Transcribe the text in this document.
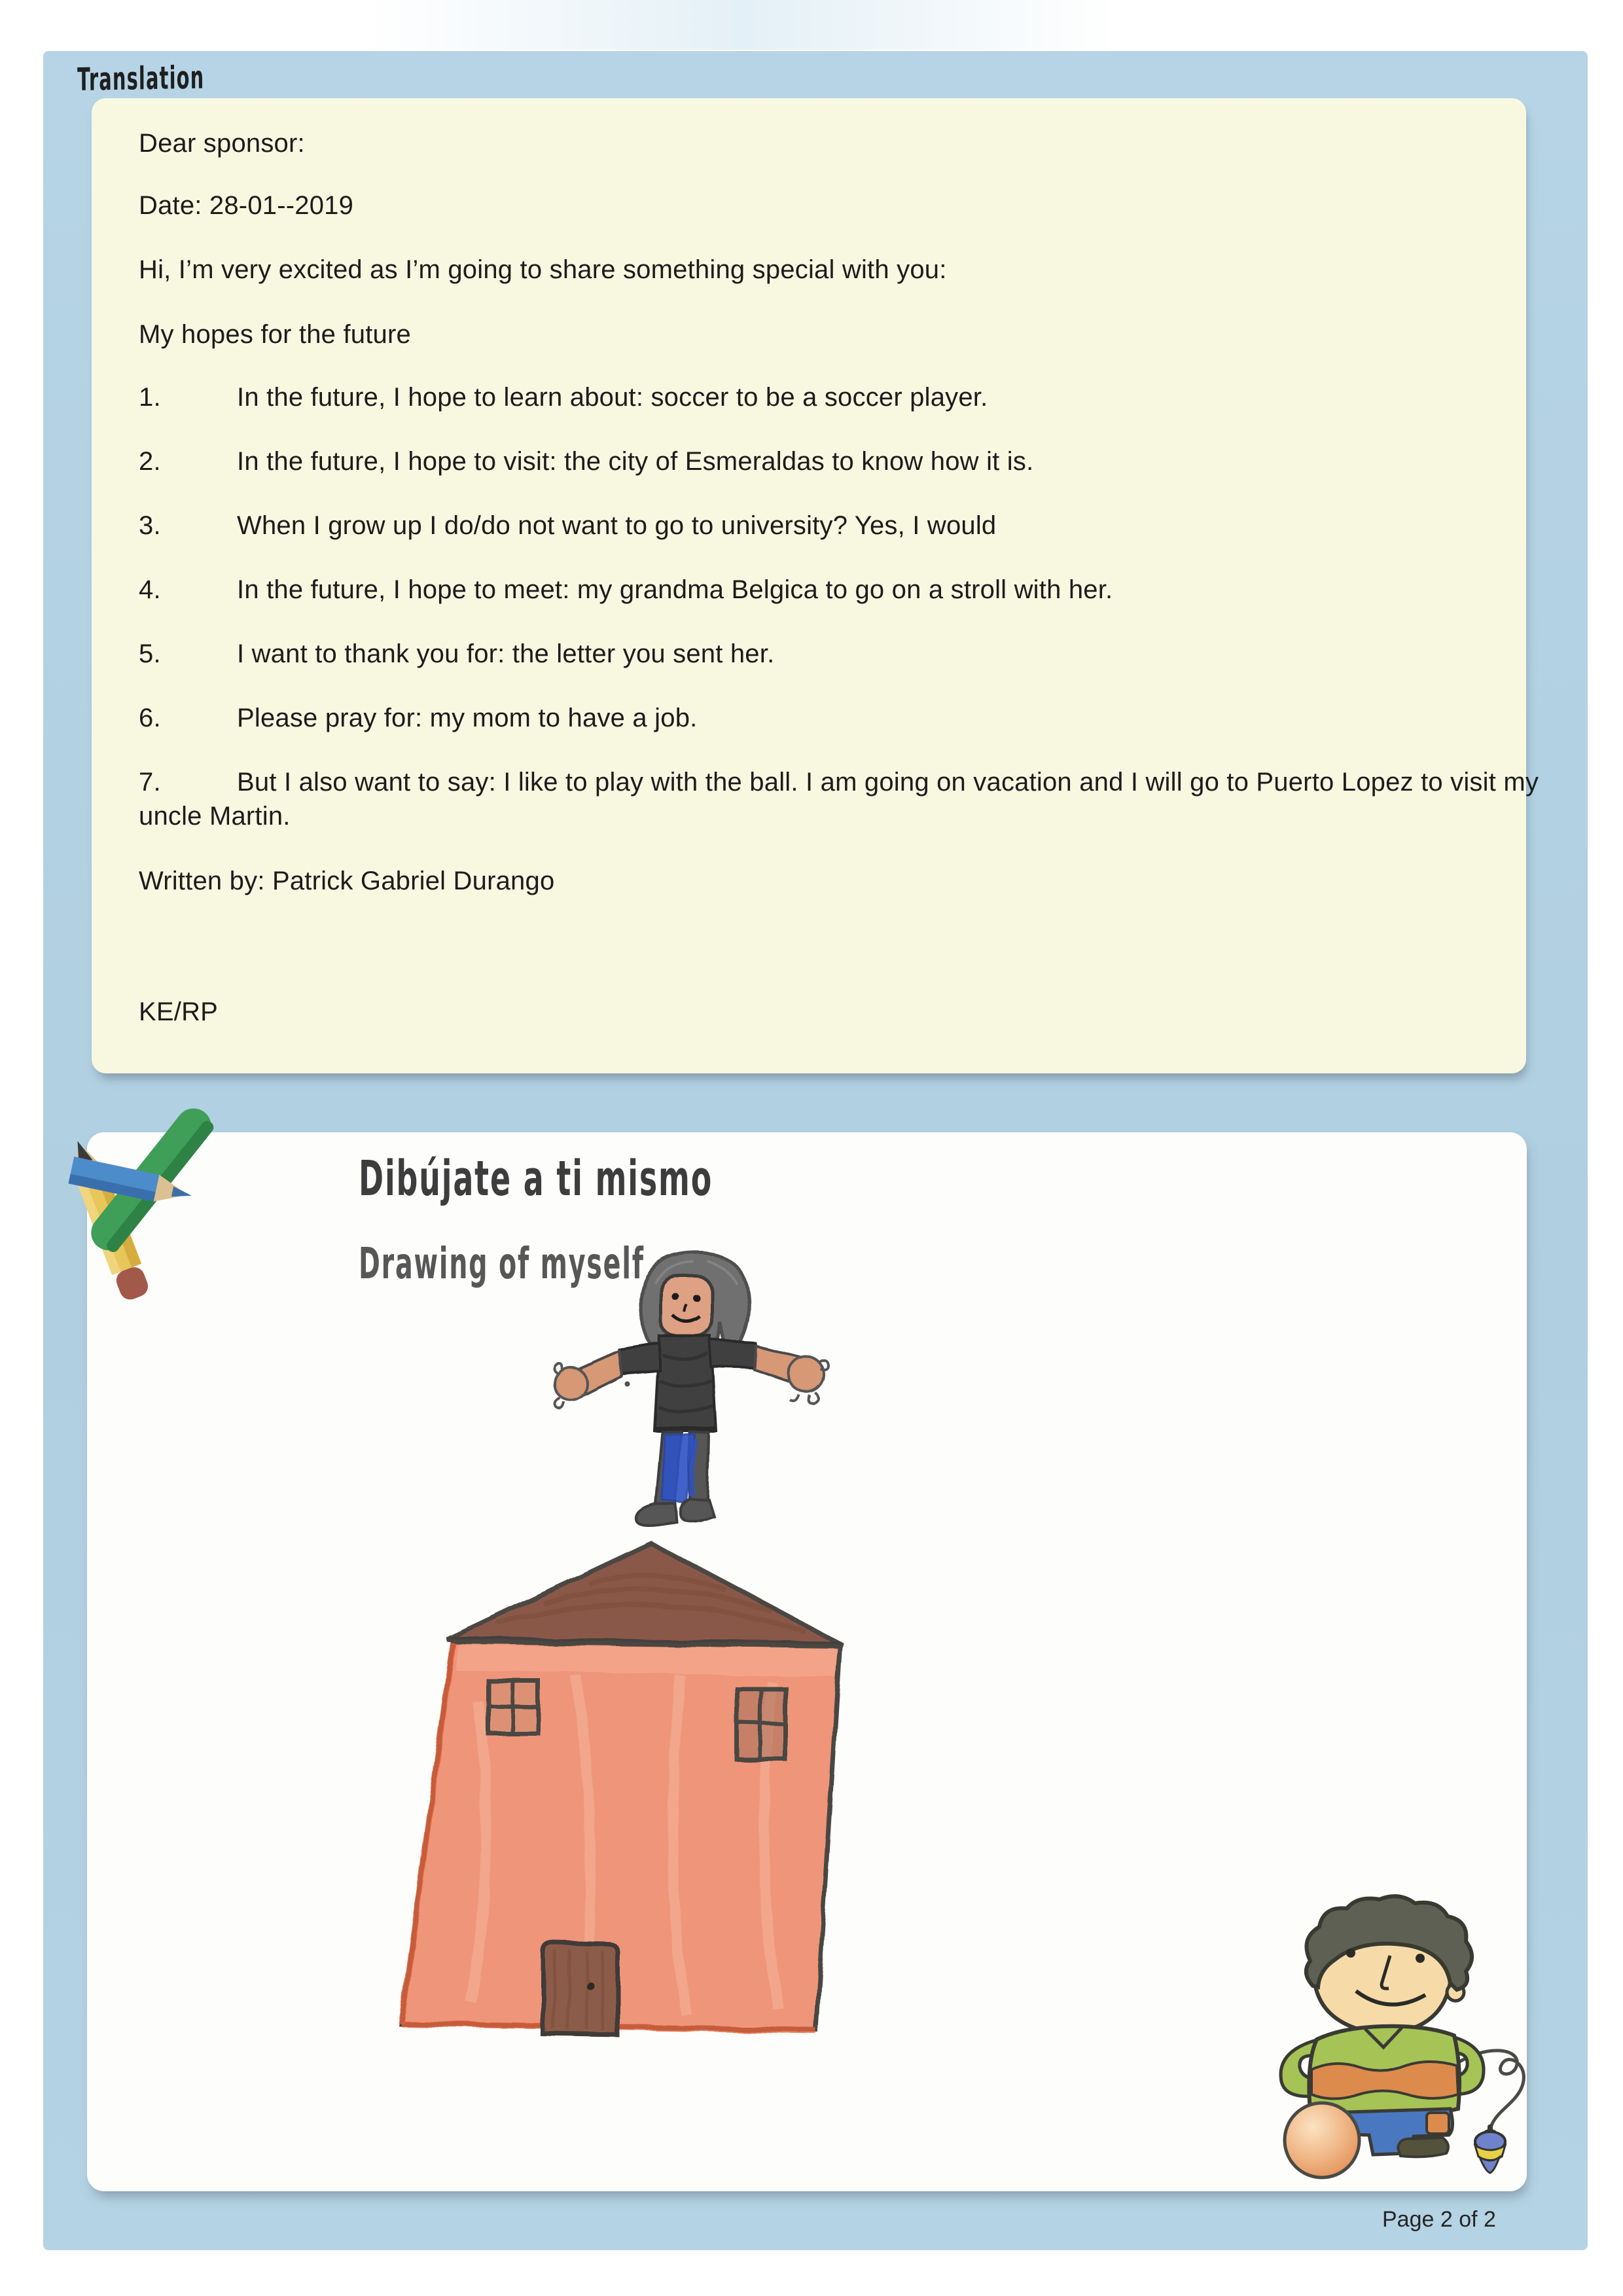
Translation
Dear sponsor:
Date: 28-01--2019
Hi, I’m very excited as I’m going to share something special with you:
My hopes for the future
1.	In the future, I hope to learn about: soccer to be a soccer player.
2.	In the future, I hope to visit: the city of Esmeraldas to know how it is.
3.	When I grow up I do/do not want to go to university? Yes, I would
4.	In the future, I hope to meet: my grandma Belgica to go on a stroll with her.
5.	I want to thank you for: the letter you sent her.
6.	Please pray for: my mom to have a job.
7.	But I also want to say: I like to play with the ball. I am going on vacation and I will go to Puerto Lopez to visit my uncle Martin.
Written by: Patrick Gabriel Durango
KE/RP
Dibújate a ti mismo
Drawing of myself
Page 2 of 2
